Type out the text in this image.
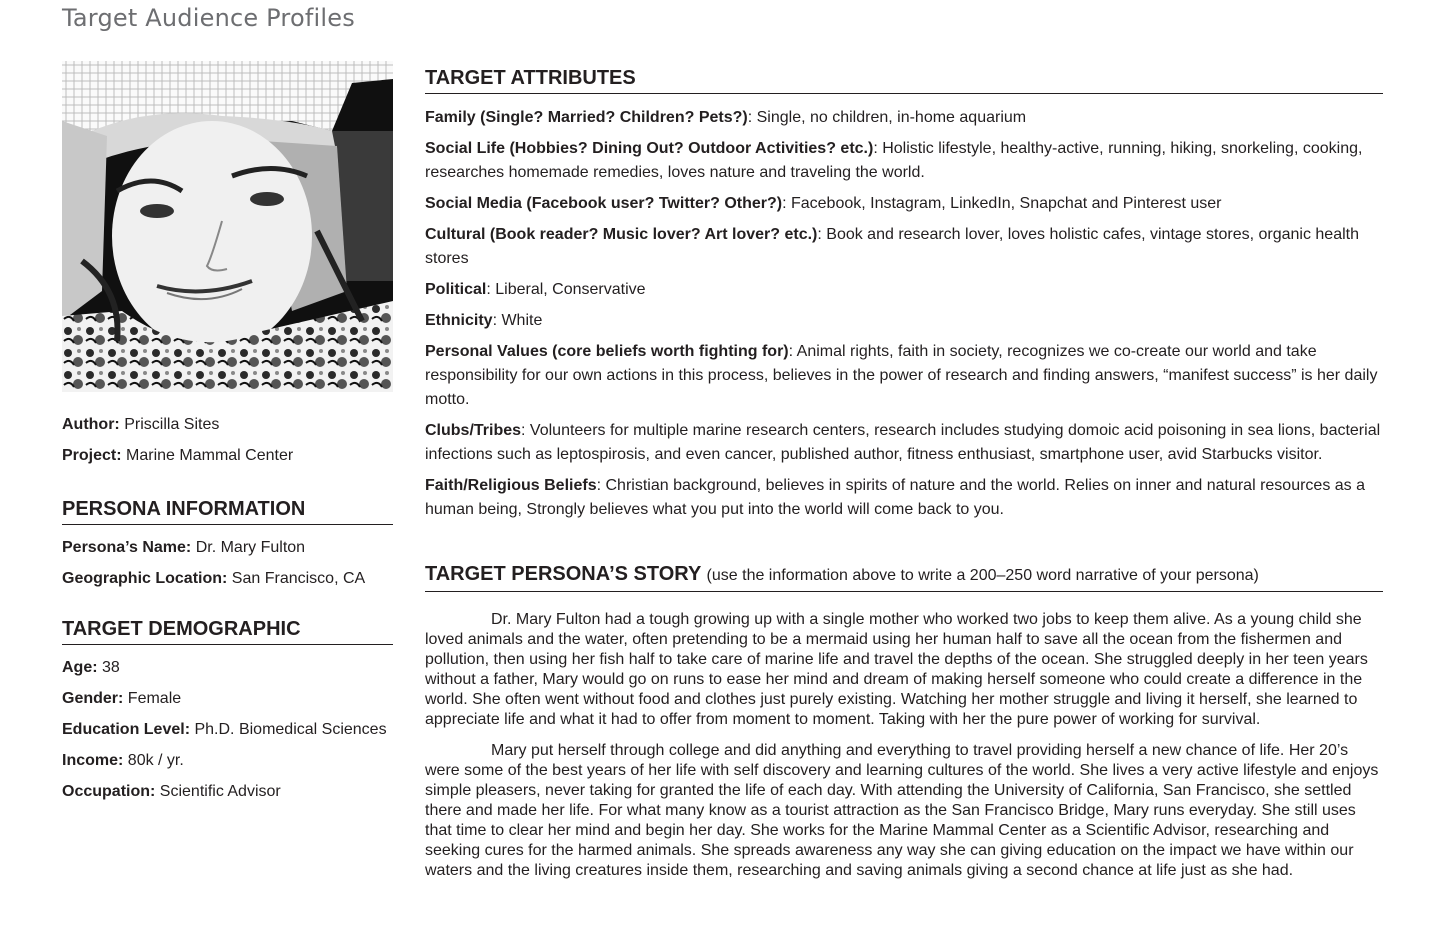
Target Audience Profiles

Author: Priscilla Sites

Project: Marine Mammal Center

PERSONA INFORMATION

Persona’s Name: Dr. Mary Fulton

Geographic Location: San Francisco, CA

TARGET DEMOGRAPHIC

Age: 38

Gender: Female

Education Level: Ph.D. Biomedical Sciences

Income: 80k / yr.

Occupation: Scientific Advisor

TARGET ATTRIBUTES

Family (Single? Married? Children? Pets?): Single, no children, in-home aquarium

Social Life (Hobbies? Dining Out? Outdoor Activities? etc.): Holistic lifestyle, healthy-active, running, hiking, snorkeling, cooking, researches homemade remedies, loves nature and traveling the world.

Social Media (Facebook user? Twitter? Other?): Facebook, Instagram, LinkedIn, Snapchat and Pinterest user

Cultural (Book reader? Music lover? Art lover? etc.): Book and research lover, loves holistic cafes, vintage stores, organic health stores

Political: Liberal, Conservative

Ethnicity: White

Personal Values (core beliefs worth fighting for): Animal rights, faith in society, recognizes we co-create our world and take responsibility for our own actions in this process, believes in the power of research and finding answers, “manifest success” is her daily motto.

Clubs/Tribes: Volunteers for multiple marine research centers, research includes studying domoic acid poisoning in sea lions, bacterial infections such as leptospirosis, and even cancer, published author, fitness enthusiast, smartphone user, avid Starbucks visitor.

Faith/Religious Beliefs: Christian background, believes in spirits of nature and the world. Relies on inner and natural resources as a human being, Strongly believes what you put into the world will come back to you.

TARGET PERSONA’S STORY (use the information above to write a 200–250 word narrative of your persona)

Dr. Mary Fulton had a tough growing up with a single mother who worked two jobs to keep them alive. As a young child she loved animals and the water, often pretending to be a mermaid using her human half to save all the ocean from the fishermen and pollution, then using her fish half to take care of marine life and travel the depths of the ocean. She struggled deeply in her teen years without a father, Mary would go on runs to ease her mind and dream of making herself someone who could create a difference in the world. She often went without food and clothes just purely existing. Watching her mother struggle and living it herself, she learned to appreciate life and what it had to offer from moment to moment. Taking with her the pure power of working for survival.

Mary put herself through college and did anything and everything to travel providing herself a new chance of life. Her 20’s were some of the best years of her life with self discovery and learning cultures of the world. She lives a very active lifestyle and enjoys simple pleasers, never taking for granted the life of each day. With attending the University of California, San Francisco, she settled there and made her life. For what many know as a tourist attraction as the San Francisco Bridge, Mary runs everyday. She still uses that time to clear her mind and begin her day. She works for the Marine Mammal Center as a Scientific Advisor, researching and seeking cures for the harmed animals. She spreads awareness any way she can giving education on the impact we have within our waters and the living creatures inside them, researching and saving animals giving a second chance at life just as she had.
